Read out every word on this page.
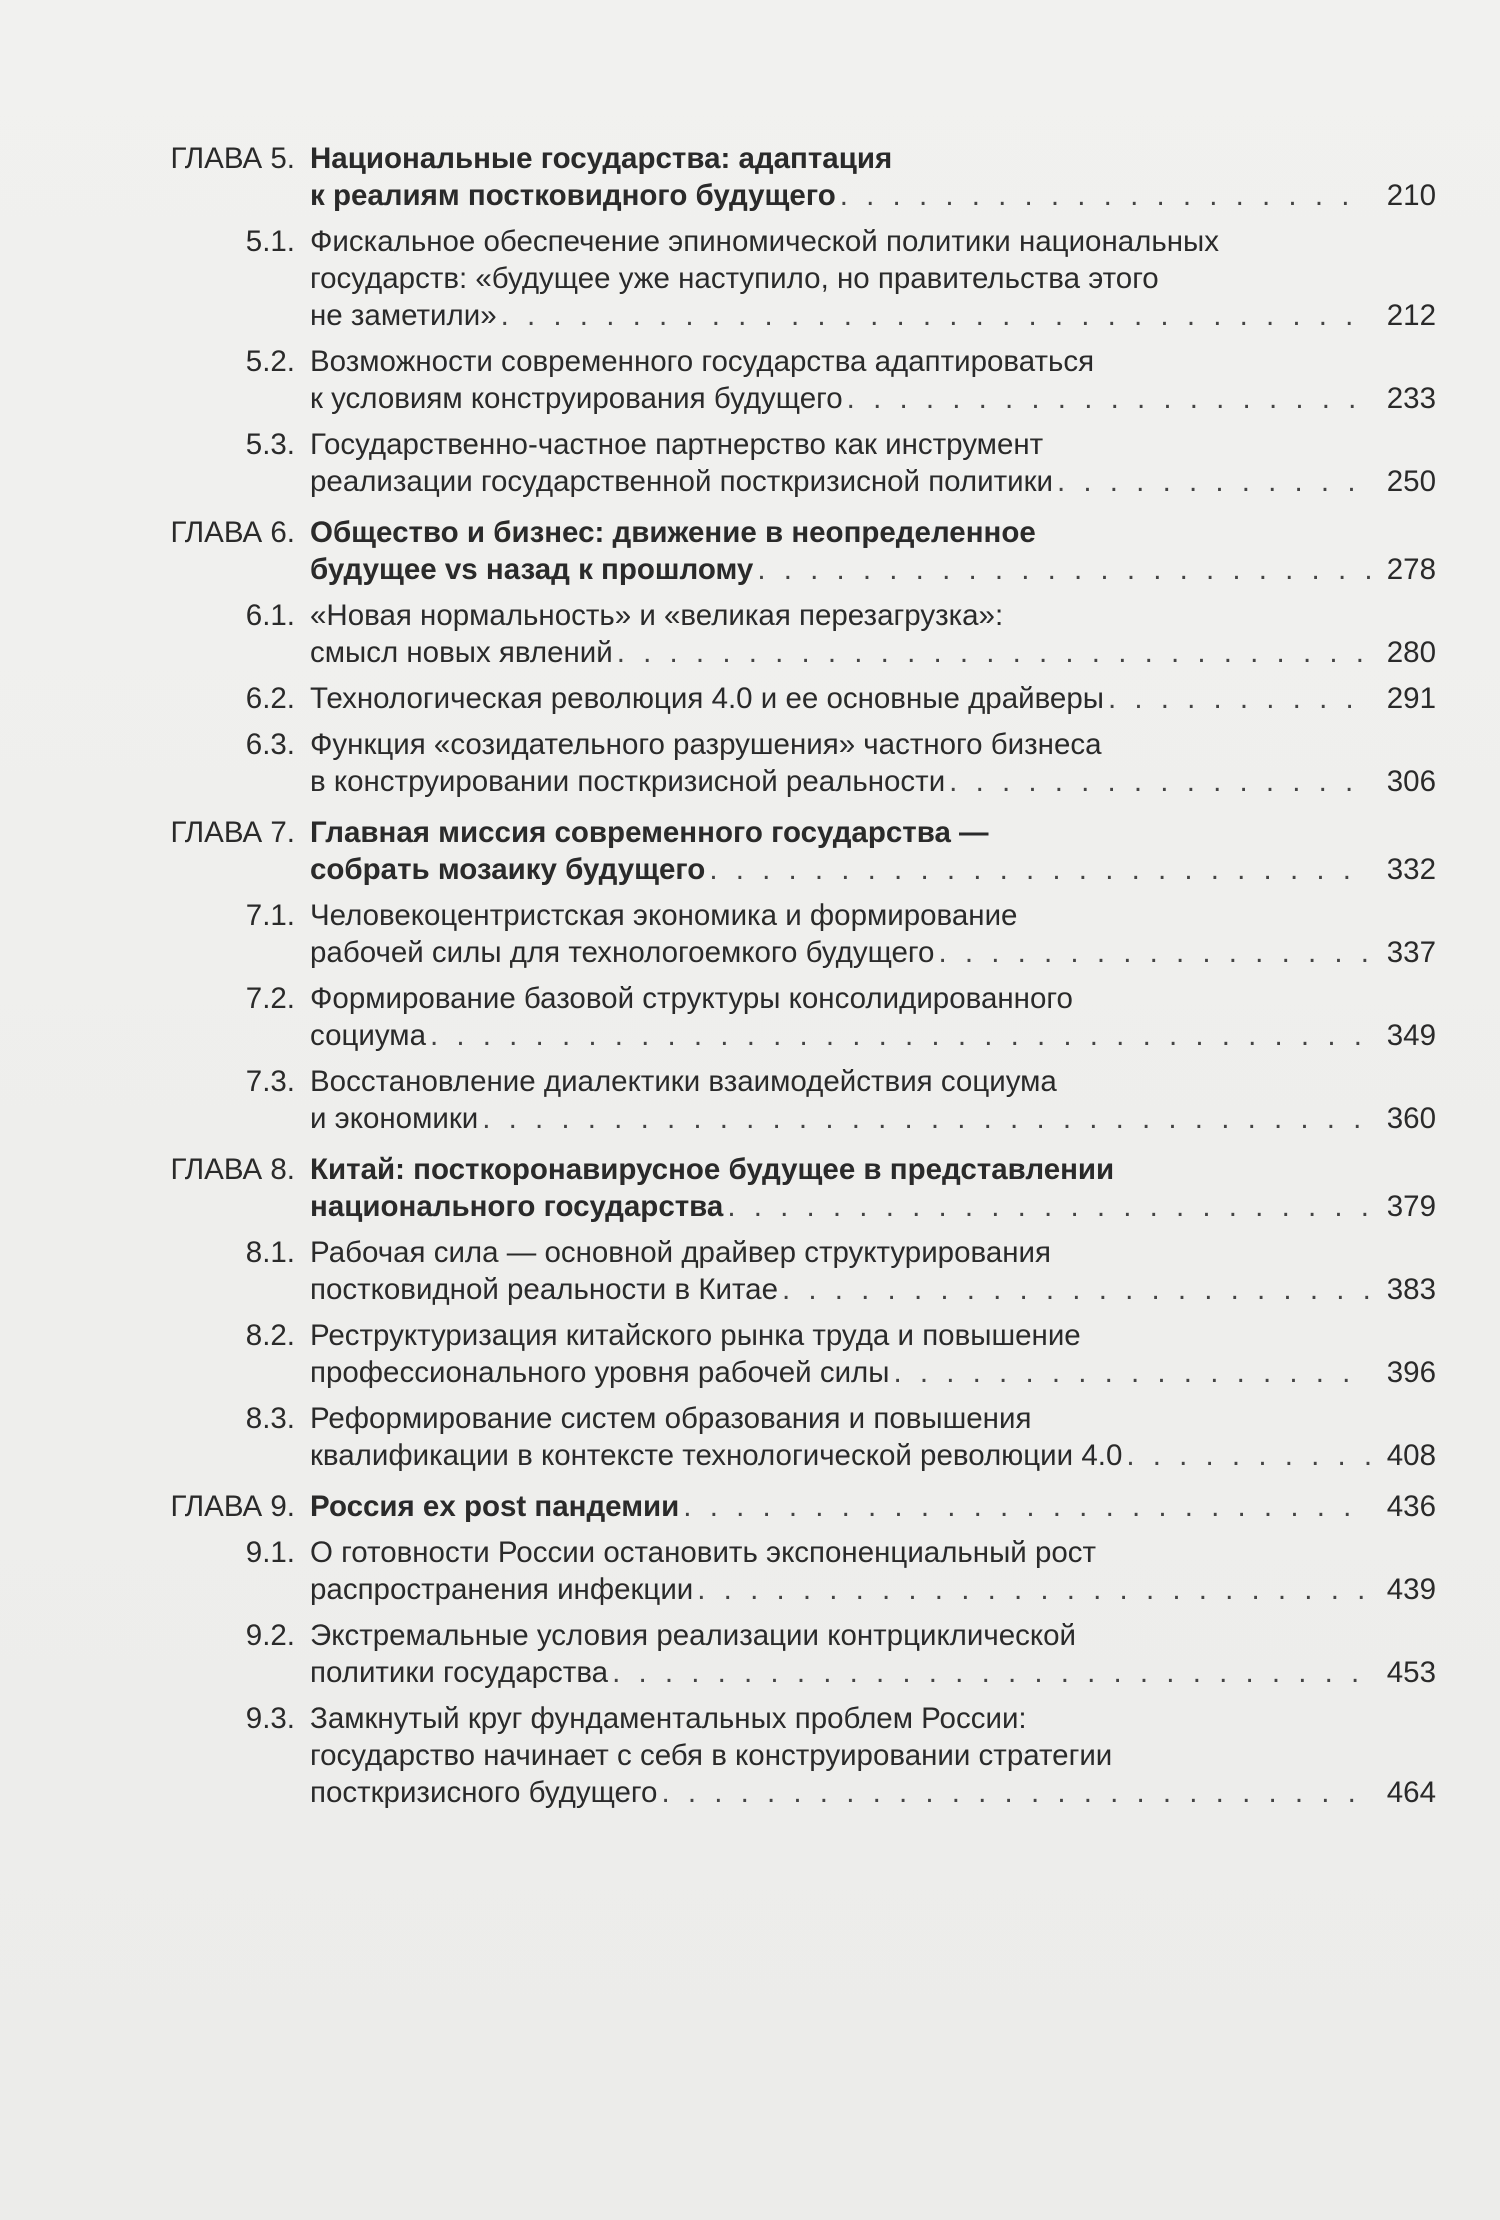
ГЛАВА 5. Национальные государства: адаптация
к реалиям постковидного будущего . . .	210
5.1. Фискальное обеспечение эпиномической политики национальных
государств: «будущее уже наступило, но правительства этого
не заметили» . . .	212
5.2. Возможности современного государства адаптироваться
к условиям конструирования будущего . . .	233
5.3. Государственно-частное партнерство как инструмент
реализации государственной посткризисной политики . . .	250
ГЛАВА 6. Общество и бизнес: движение в неопределенное
будущее vs назад к прошлому . . .	278
6.1. «Новая нормальность» и «великая перезагрузка»:
смысл новых явлений . . .	280
6.2. Технологическая революция 4.0 и ее основные драйверы . . .	291
6.3. Функция «созидательного разрушения» частного бизнеса
в конструировании посткризисной реальности . . .	306
ГЛАВА 7. Главная миссия современного государства —
собрать мозаику будущего . . .	332
7.1. Человекоцентристская экономика и формирование
рабочей силы для технологоемкого будущего . . .	337
7.2. Формирование базовой структуры консолидированного
социума . . .	349
7.3. Восстановление диалектики взаимодействия социума
и экономики . . .	360
ГЛАВА 8. Китай: посткоронавирусное будущее в представлении
национального государства . . .	379
8.1. Рабочая сила — основной драйвер структурирования
постковидной реальности в Китае . . .	383
8.2. Реструктуризация китайского рынка труда и повышение
профессионального уровня рабочей силы . . .	396
8.3. Реформирование систем образования и повышения
квалификации в контексте технологической революции 4.0 . . .	408
ГЛАВА 9. Россия ex post пандемии . . .	436
9.1. О готовности России остановить экспоненциальный рост
распространения инфекции . . .	439
9.2. Экстремальные условия реализации контрциклической
политики государства . . .	453
9.3. Замкнутый круг фундаментальных проблем России:
государство начинает с себя в конструировании стратегии
посткризисного будущего . . .	464
